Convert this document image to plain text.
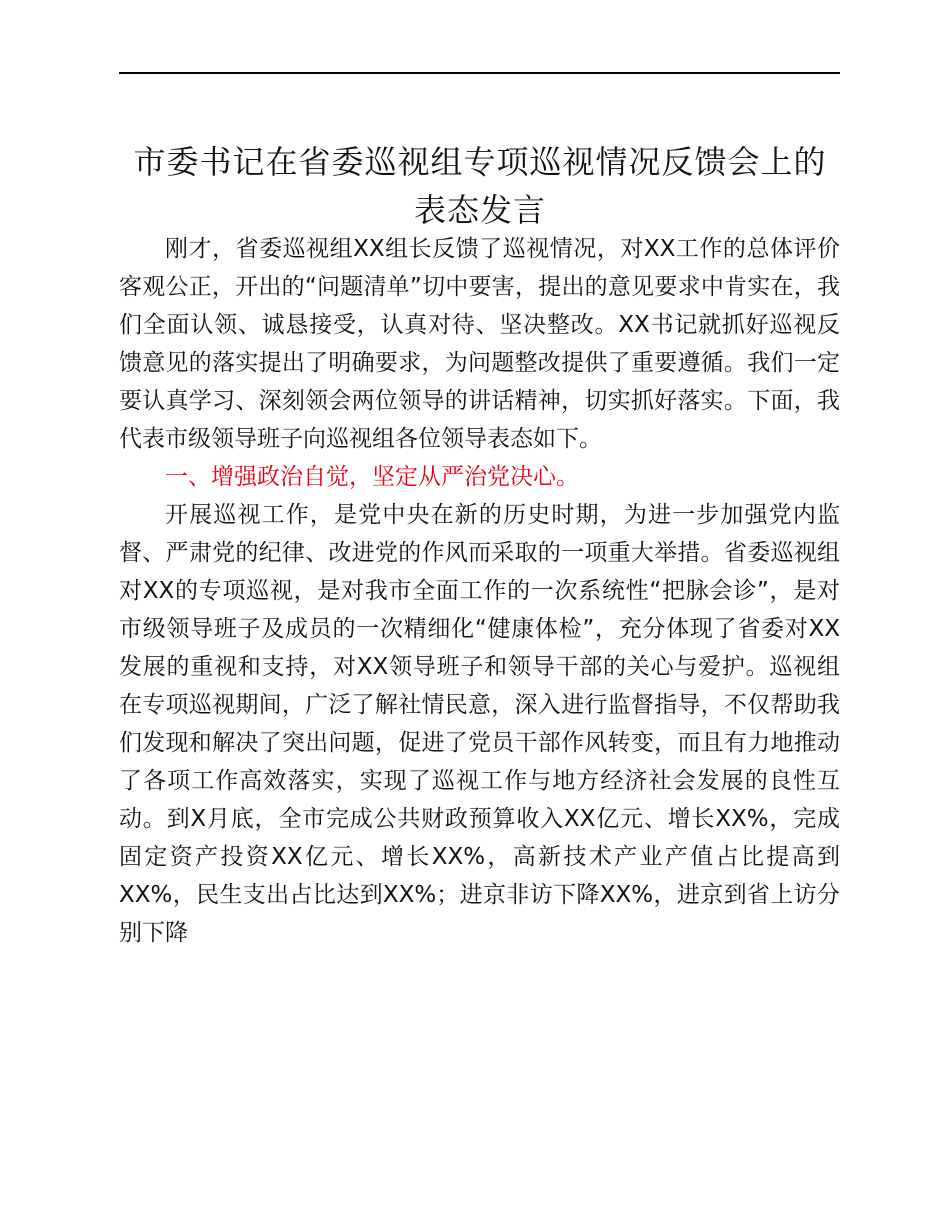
市委书记在省委巡视组专项巡视情况反馈会上的
表态发言

刚才，省委巡视组XX组长反馈了巡视情况，对XX工作的总体评价客观公正，开出的“问题清单”切中要害，提出的意见要求中肯实在，我们全面认领、诚恳接受，认真对待、坚决整改。XX书记就抓好巡视反馈意见的落实提出了明确要求，为问题整改提供了重要遵循。我们一定要认真学习、深刻领会两位领导的讲话精神，切实抓好落实。下面，我代表市级领导班子向巡视组各位领导表态如下。

一、增强政治自觉，坚定从严治党决心。

开展巡视工作，是党中央在新的历史时期，为进一步加强党内监督、严肃党的纪律、改进党的作风而采取的一项重大举措。省委巡视组对XX的专项巡视，是对我市全面工作的一次系统性“把脉会诊”，是对市级领导班子及成员的一次精细化“健康体检”，充分体现了省委对XX发展的重视和支持，对XX领导班子和领导干部的关心与爱护。巡视组在专项巡视期间，广泛了解社情民意，深入进行监督指导，不仅帮助我们发现和解决了突出问题，促进了党员干部作风转变，而且有力地推动了各项工作高效落实，实现了巡视工作与地方经济社会发展的良性互动。到X月底，全市完成公共财政预算收入XX亿元、增长XX%，完成固定资产投资XX亿元、增长XX%，高新技术产业产值占比提高到XX%，民生支出占比达到XX%；进京非访下降XX%，进京到省上访分别下降
